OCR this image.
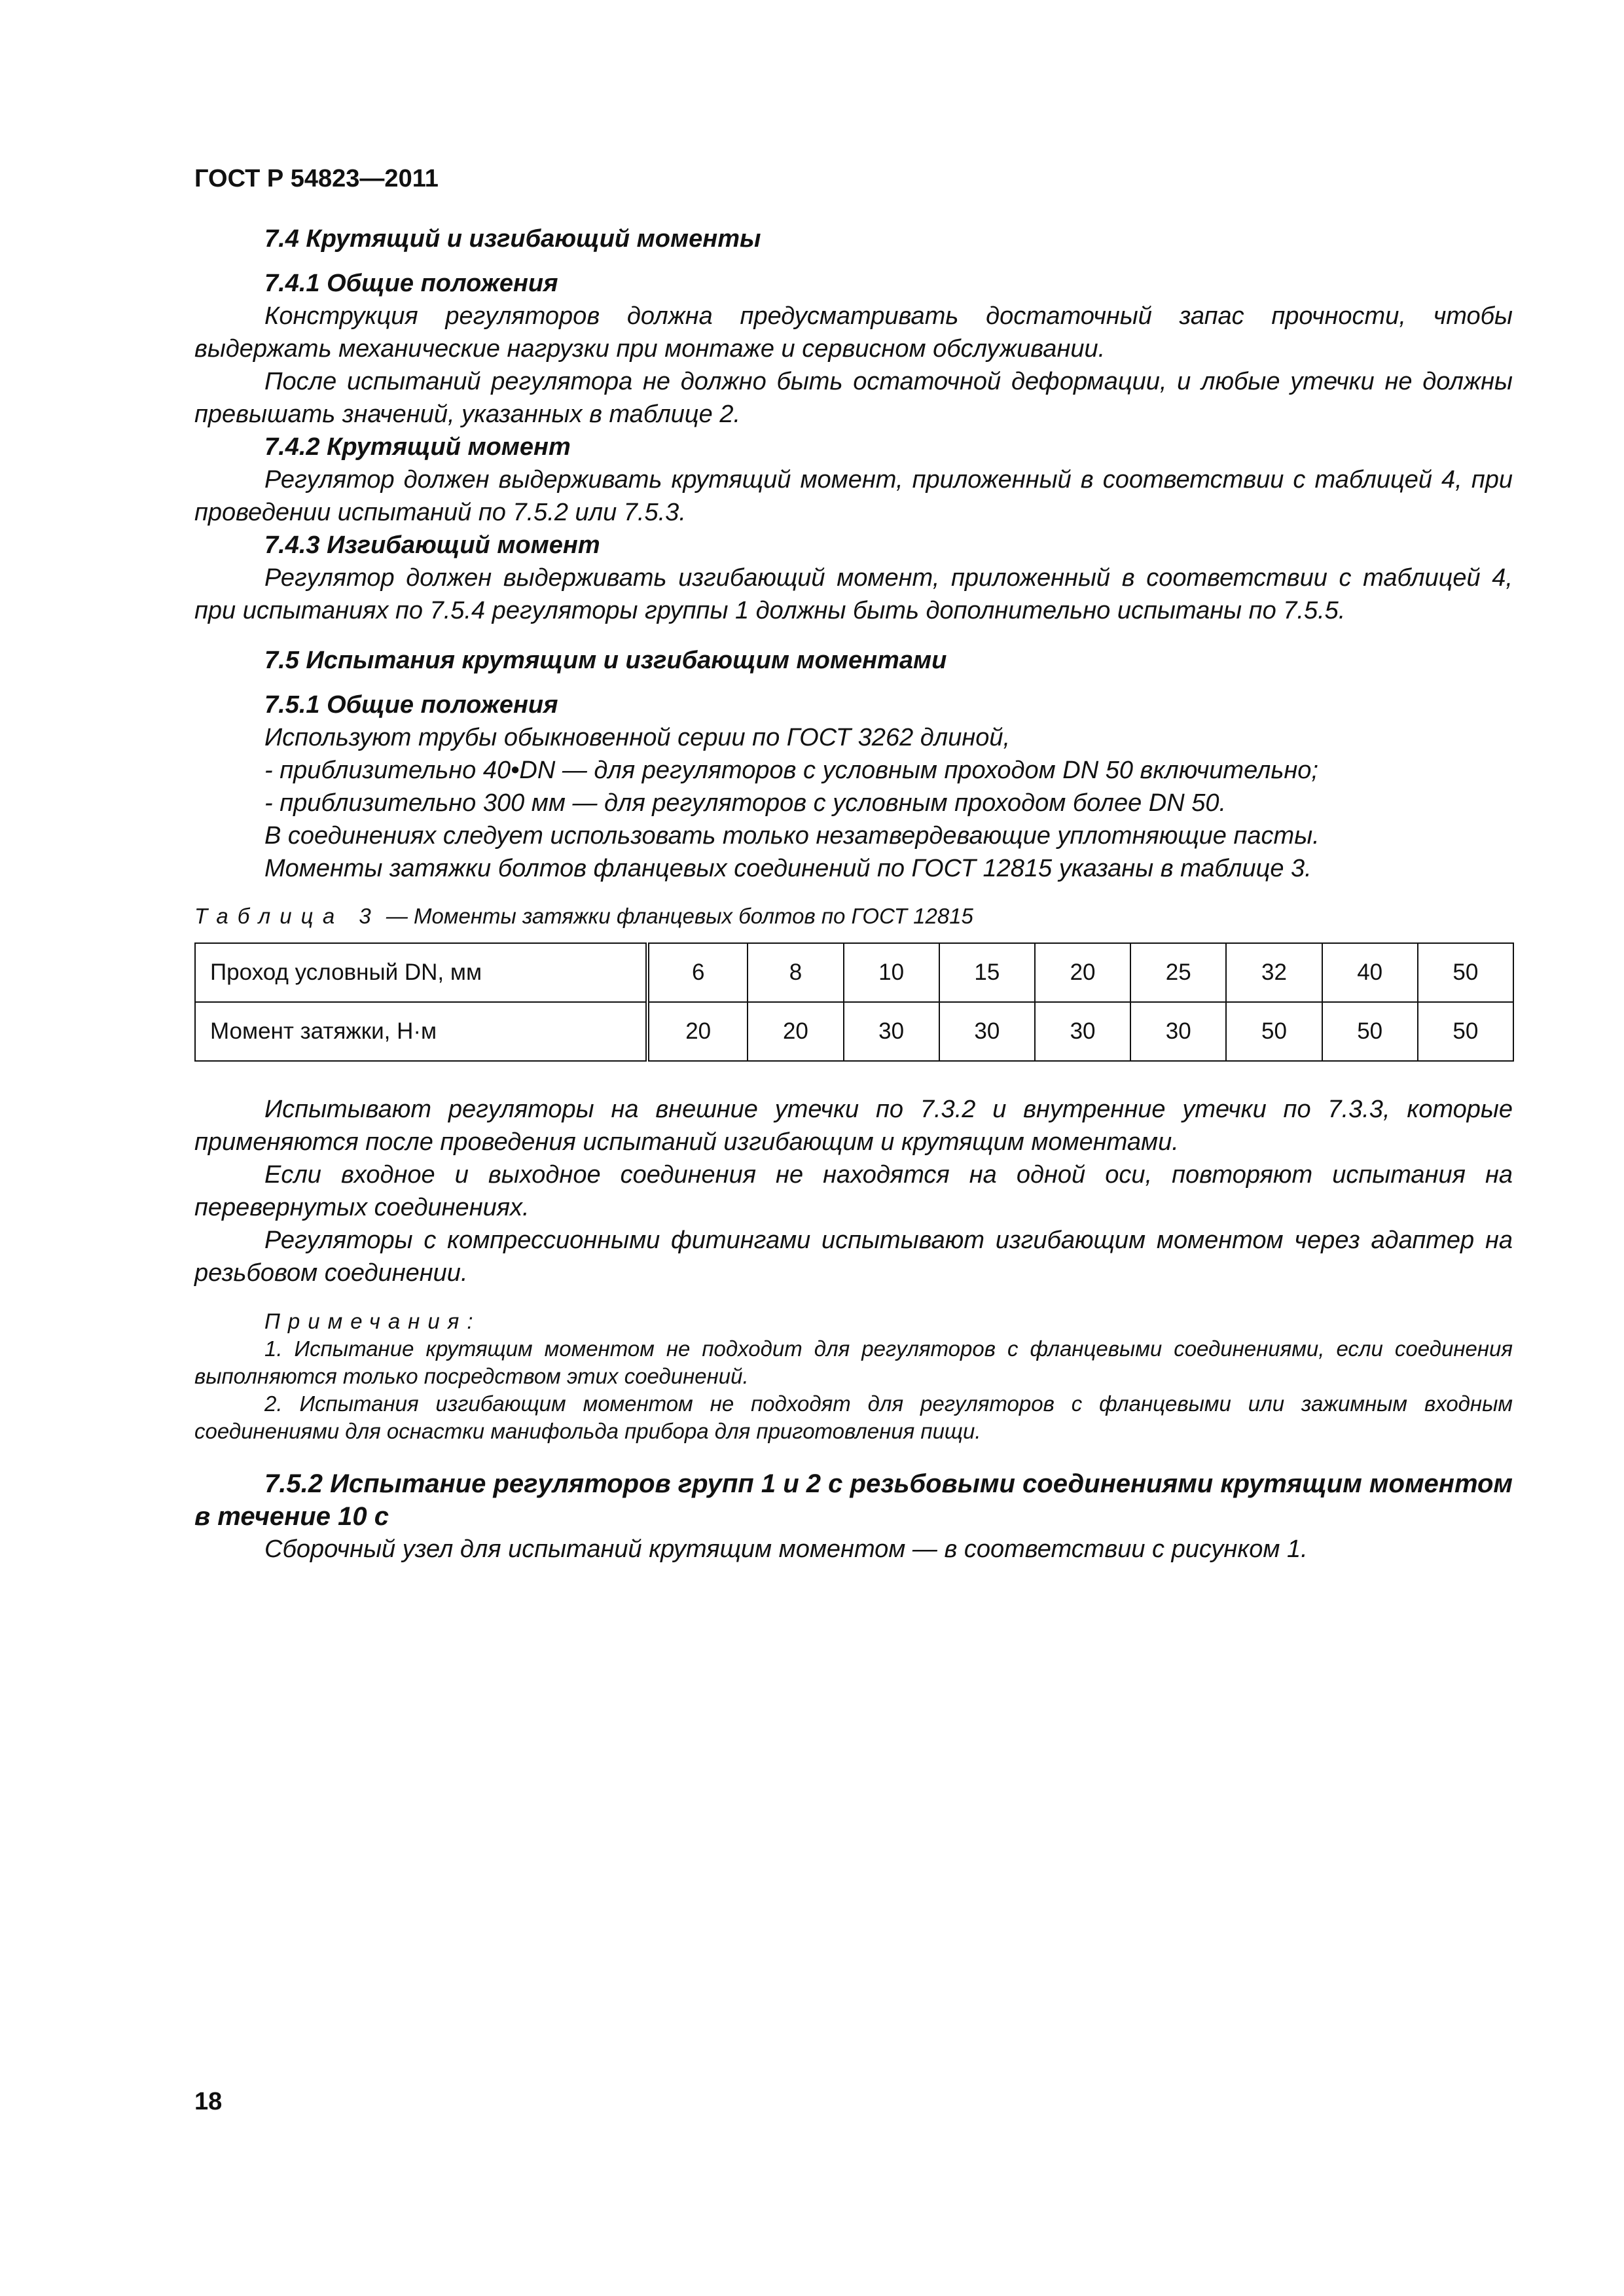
ГОСТ Р 54823—2011
7.4 Крутящий и изгибающий моменты
7.4.1 Общие положения

Конструкция регуляторов должна предусматривать достаточный запас прочности, чтобы выдержать механические нагрузки при монтаже и сервисном обслуживании.

После испытаний регулятора не должно быть остаточной деформации, и любые утечки не должны превышать значений, указанных в таблице 2.

7.4.2 Крутящий момент

Регулятор должен выдерживать крутящий момент, приложенный в соответствии с таблицей 4, при проведении испытаний по 7.5.2 или 7.5.3.

7.4.3 Изгибающий момент

Регулятор должен выдерживать изгибающий момент, приложенный в соответствии с таблицей 4, при испытаниях по 7.5.4 регуляторы группы 1 должны быть дополнительно испытаны по 7.5.5.

7.5 Испытания крутящим и изгибающим моментами
7.5.1 Общие положения

Используют трубы обыкновенной серии по ГОСТ 3262 длиной,

- приблизительно 40•DN — для регуляторов с условным проходом DN 50 включительно;

- приблизительно 300 мм — для регуляторов с условным проходом более DN 50.

В соединениях следует использовать только незатвердевающие уплотняющие пасты.

Моменты затяжки болтов фланцевых соединений по ГОСТ 12815 указаны в таблице 3.

Таблица 3 — Моменты затяжки фланцевых болтов по ГОСТ 12815
Проход условный DN, мм	6	8	10	15	20	25	32	40	50
Момент затяжки, Н·м	20	20	30	30	30	30	50	50	50

Испытывают регуляторы на внешние утечки по 7.3.2 и внутренние утечки по 7.3.3, которые применяются после проведения испытаний изгибающим и крутящим моментами.

Если входное и выходное соединения не находятся на одной оси, повторяют испытания на перевернутых соединениях.

Регуляторы с компрессионными фитингами испытывают изгибающим моментом через адаптер на резьбовом соединении.

Примечания:
1. Испытание крутящим моментом не подходит для регуляторов с фланцевыми соединениями, если соединения выполняются только посредством этих соединений.
2. Испытания изгибающим моментом не подходят для регуляторов с фланцевыми или зажимным входным соединениями для оснастки манифольда прибора для приготовления пищи.
7.5.2 Испытание регуляторов групп 1 и 2 с резьбовыми соединениями крутящим моментом в течение 10 с

Сборочный узел для испытаний крутящим моментом — в соответствии с рисунком 1.

18
